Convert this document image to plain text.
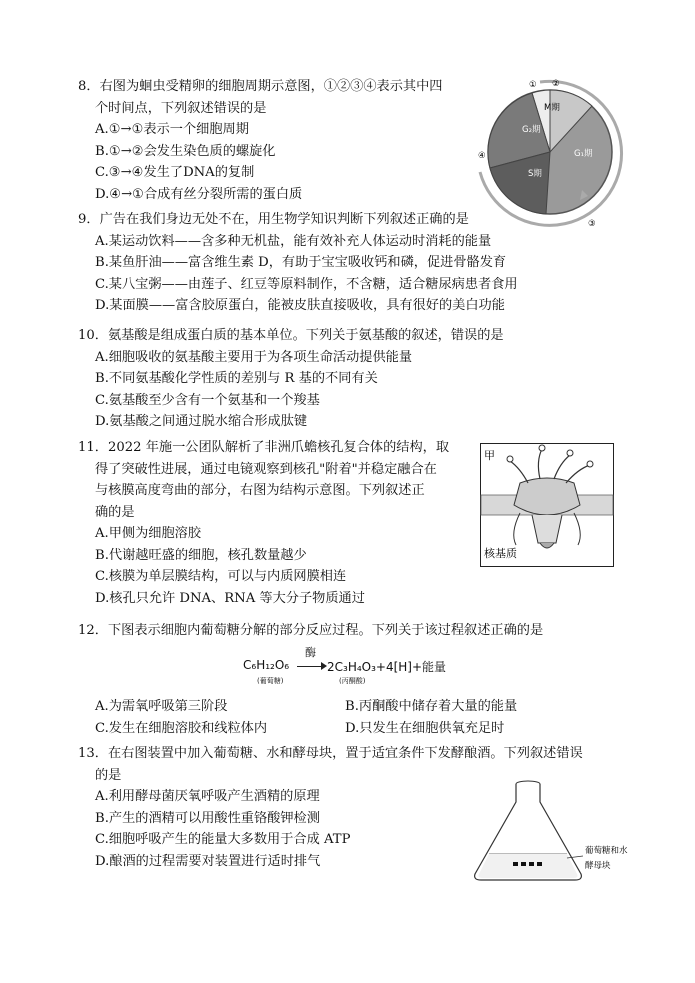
8．右图为蛔虫受精卵的细胞周期示意图，①②③④表示其中四

个时间点，下列叙述错误的是

A.①→①表示一个细胞周期

B.①→②会发生染色质的螺旋化

C.③→④发生了DNA的复制

D.④→①合成有丝分裂所需的蛋白质

① ②
③
④
M期
G₂期
G₁期
S期

9．广告在我们身边无处不在，用生物学知识判断下列叙述正确的是

A.某运动饮料——含多种无机盐，能有效补充人体运动时消耗的能量

B.某鱼肝油——富含维生素 D，有助于宝宝吸收钙和磷，促进骨骼发育

C.某八宝粥——由莲子、红豆等原料制作，不含糖，适合糖尿病患者食用

D.某面膜——富含胶原蛋白，能被皮肤直接吸收，具有很好的美白功能

10．氨基酸是组成蛋白质的基本单位。下列关于氨基酸的叙述，错误的是

A.细胞吸收的氨基酸主要用于为各项生命活动提供能量

B.不同氨基酸化学性质的差别与 R 基的不同有关

C.氨基酸至少含有一个氨基和一个羧基

D.氨基酸之间通过脱水缩合形成肽键

11．2022 年施一公团队解析了非洲爪蟾核孔复合体的结构，取

得了突破性进展，通过电镜观察到核孔"附着"并稳定融合在

与核膜高度弯曲的部分，右图为结构示意图。下列叙述正

确的是

A.甲侧为细胞溶胶

B.代谢越旺盛的细胞，核孔数量越少

C.核膜为单层膜结构，可以与内质网膜相连

D.核孔只允许 DNA、RNA 等大分子物质通过

甲
核基质

12．下图表示细胞内葡萄糖分解的部分反应过程。下列关于该过程叙述正确的是

C₆H₁₂O₆
酶
2C₃H₄O₃+4[H]+能量
(葡萄糖)	(丙酮酸)

A.为需氧呼吸第三阶段	B.丙酮酸中储存着大量的能量

C.发生在细胞溶胶和线粒体内	D.只发生在细胞供氧充足时

13．在右图装置中加入葡萄糖、水和酵母块，置于适宜条件下发酵酿酒。下列叙述错误

的是

A.利用酵母菌厌氧呼吸产生酒精的原理

B.产生的酒精可以用酸性重铬酸钾检测

C.细胞呼吸产生的能量大多数用于合成 ATP

D.酿酒的过程需要对装置进行适时排气

葡萄糖和水
酵母块
